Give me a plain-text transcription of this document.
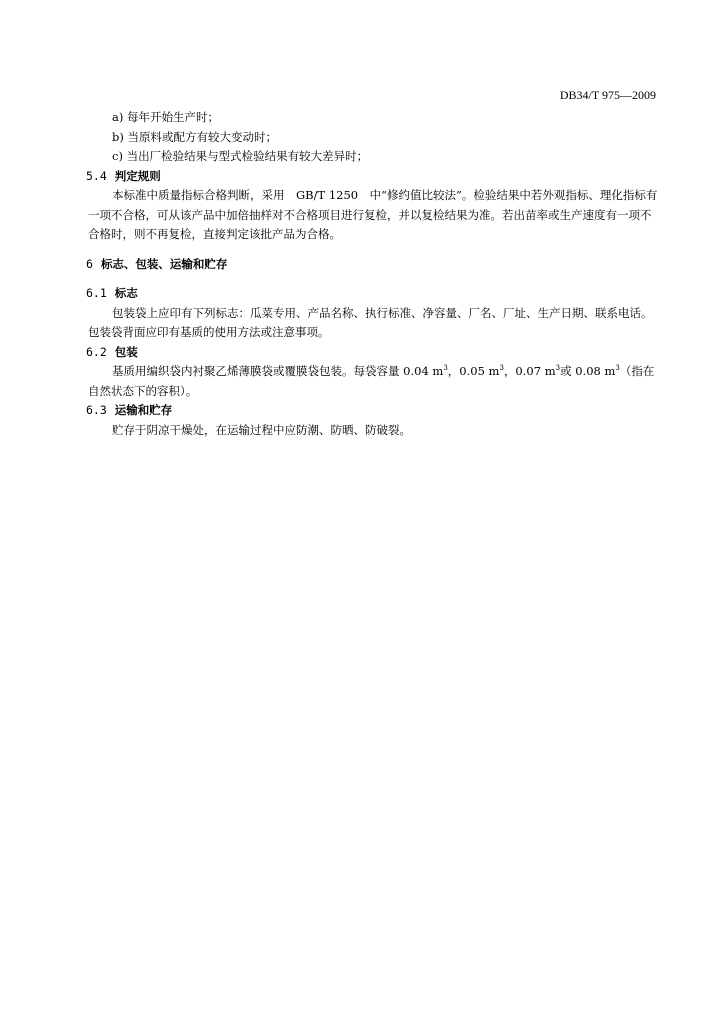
DB34/T 975—2009

a) 每年开始生产时；

b) 当原料或配方有较大变动时；

c) 当出厂检验结果与型式检验结果有较大差异时；

5.4 判定规则

本标准中质量指标合格判断，采用　GB/T 1250　中“修约值比较法”。检验结果中若外观指标、理化指标有一项不合格，可从该产品中加倍抽样对不合格项目进行复检，并以复检结果为准。若出苗率或生产速度有一项不合格时，则不再复检，直接判定该批产品为合格。

6 标志、包装、运输和贮存

6.1 标志

包装袋上应印有下列标志：瓜菜专用、产品名称、执行标准、净容量、厂名、厂址、生产日期、联系电话。包装袋背面应印有基质的使用方法或注意事项。

6.2 包装

基质用编织袋内衬聚乙烯薄膜袋或覆膜袋包装。每袋容量 0.04 $m^3$，0.05 $m^3$，0.07 $m^3$或 0.08 $m^3$（指在自然状态下的容积）。

6.3 运输和贮存

贮存于阴凉干燥处，在运输过程中应防潮、防晒、防破裂。
